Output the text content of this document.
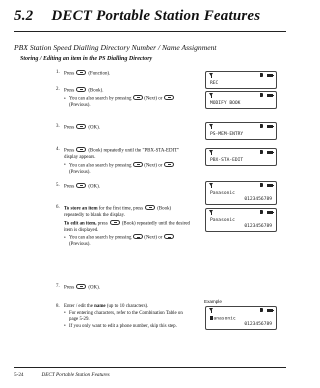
5.2 DECT Portable Station Features

PBX Station Speed Dialling Directory Number / Name Assignment

Storing / Editing an item in the PS Dialling Directory

1. Press	(Function).
2. Press	(Book).
• You can also search by pressing	(Next) or
(Previous).
3. Press	(OK).
4. Press	(Book) repeatedly until the "PBX-STA-EDIT" display appears.
• You can also search by pressing	(Next) or
(Previous).
5. Press	(OK).
6. To store an item for the first time, press	(Book) repeatedly to blank the display.
To edit an item, press	(Book) repeatedly until the desired item is displayed.
• You can also search by pressing	(Next) or
(Previous).
7. Press	(OK).
8. Enter / edit the name (up to 10 characters).
• For entering characters, refer to the Combination Table on page 5-29.
• If you only want to edit a phone number, skip this step.
REC
MODIFY BOOK
PS-MEM-ENTRY
PBX-STA-EDIT
Panasonic
0123456789
Panasonic
0123456789
Example
anasonic
0123456789
5-24	DECT Portable Station Features
